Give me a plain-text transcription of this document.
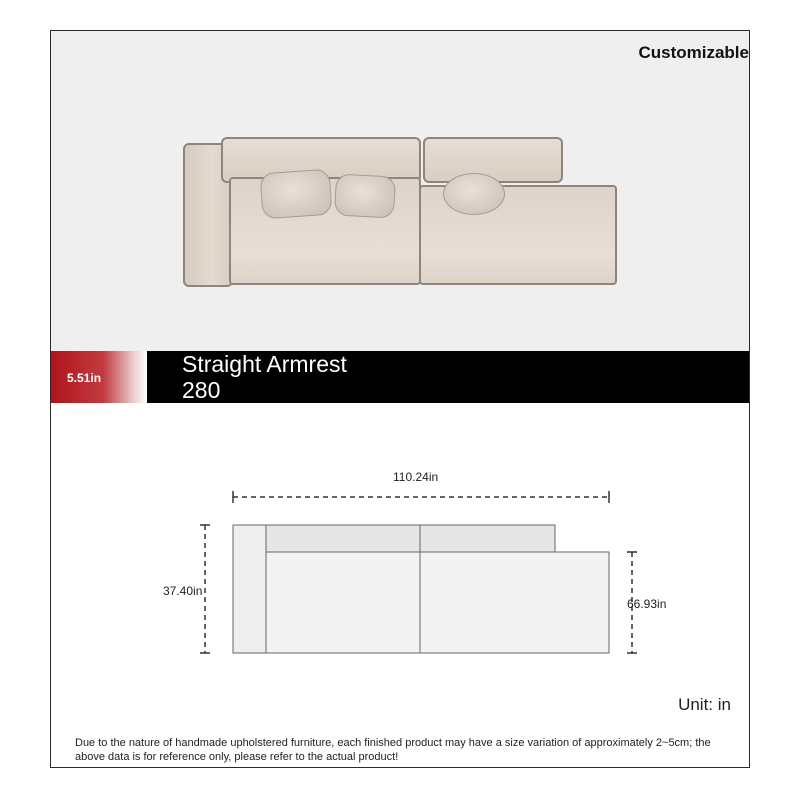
Customizable
5.51in
Straight Armrest
280
110.24in
37.40in
66.93in
Unit: in
Due to the nature of handmade upholstered furniture, each finished product may have a size variation of approximately 2~5cm; the above data is for reference only, please refer to the actual product!
